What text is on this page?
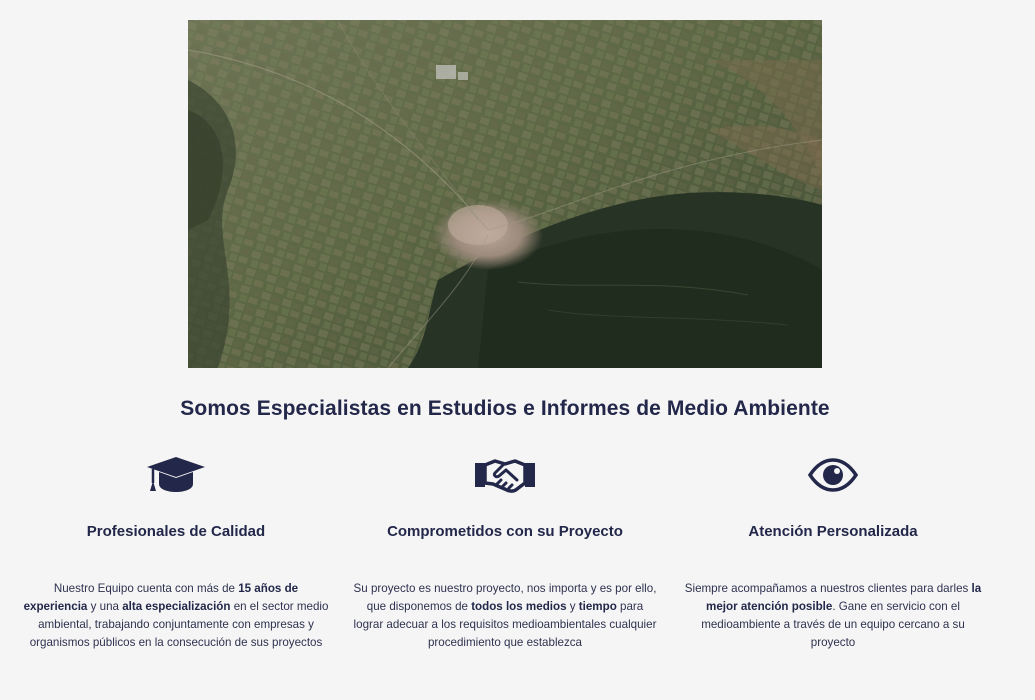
Somos Especialistas en Estudios e Informes de Medio Ambiente
Profesionales de Calidad

Nuestro Equipo cuenta con más de 15 años de experiencia y una alta especialización en el sector medio ambiental, trabajando conjuntamente con empresas y organismos públicos en la consecución de sus proyectos

Comprometidos con su Proyecto

Su proyecto es nuestro proyecto, nos importa y es por ello, que disponemos de todos los medios y tiempo para lograr adecuar a los requisitos medioambientales cualquier procedimiento que establezca

Atención Personalizada

Siempre acompañamos a nuestros clientes para darles la mejor atención posible. Gane en servicio con el medioambiente a través de un equipo cercano a su proyecto
